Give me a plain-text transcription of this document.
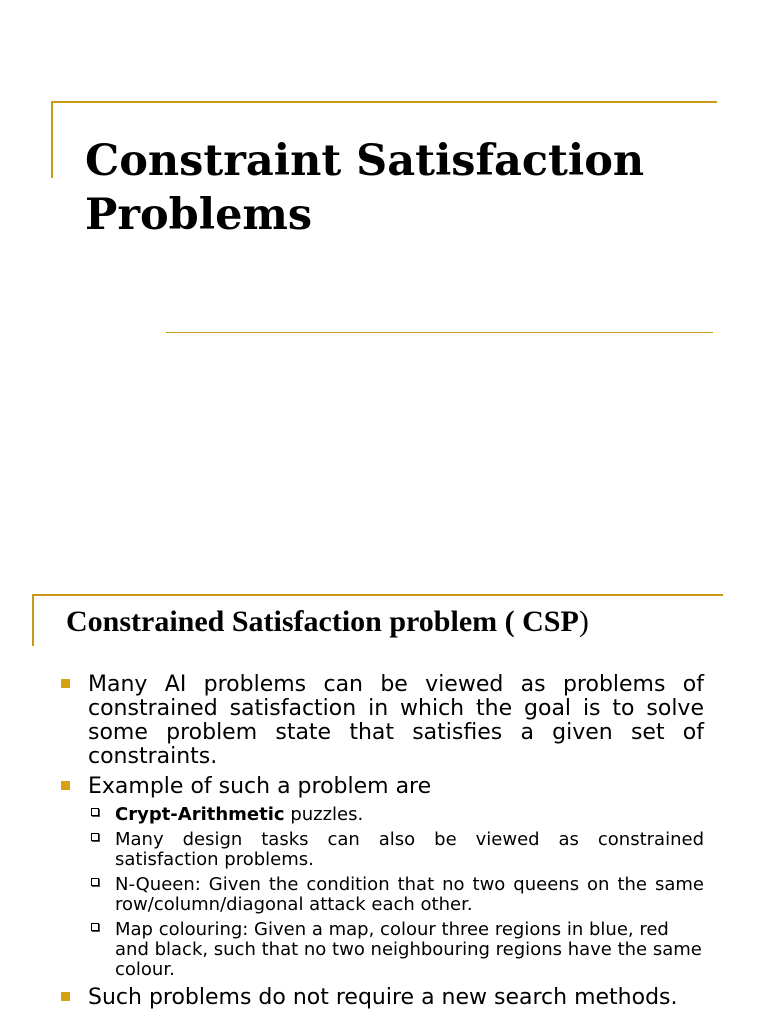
Constraint Satisfaction
Problems
Constrained Satisfaction problem ( CSP)
Many AI problems can be viewed as problems of constrained satisfaction in which the goal is to solve some problem state that satisfies a given set of constraints.
Example of such a problem are
Crypt-Arithmetic puzzles.
Many design tasks can also be viewed as constrained satisfaction problems.
N-Queen: Given the condition that no two queens on the same row/column/diagonal attack each other.
Map colouring: Given a map, colour three regions in blue, red and black, such that no two neighbouring regions have the same colour.
Such problems do not require a new search methods.
